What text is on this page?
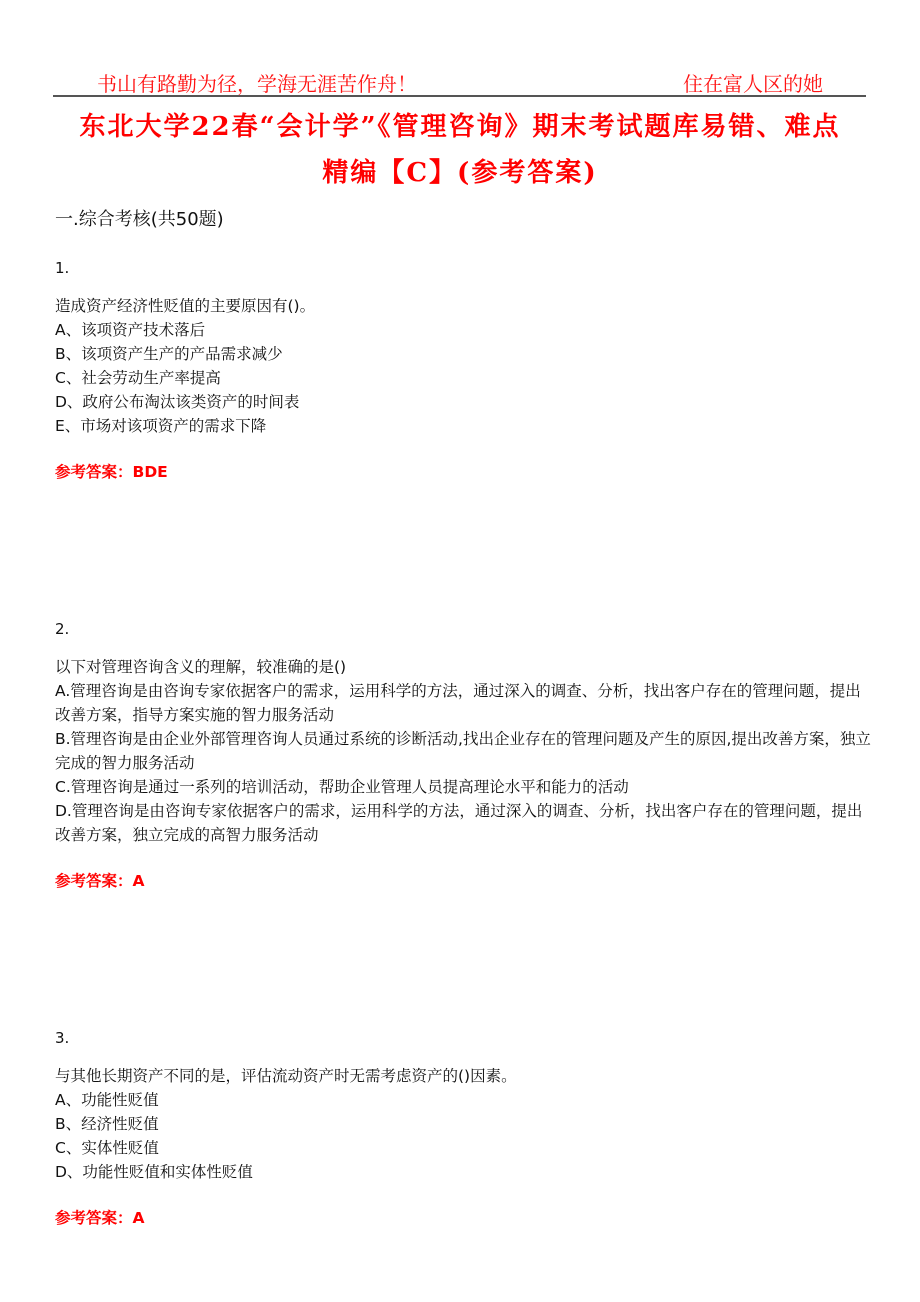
书山有路勤为径，学海无涯苦作舟！	住在富人区的她
东北大学22春“会计学”《管理咨询》期末考试题库易错、难点
精编【C】(参考答案)
一.综合考核(共50题)
1.
造成资产经济性贬值的主要原因有()。
A、该项资产技术落后
B、该项资产生产的产品需求减少
C、社会劳动生产率提高
D、政府公布淘汰该类资产的时间表
E、市场对该项资产的需求下降
参考答案：BDE
2.
以下对管理咨询含义的理解，较准确的是()
A.管理咨询是由咨询专家依据客户的需求，运用科学的方法，通过深入的调查、分析，找出客户存在的管理问题，提出改善方案，指导方案实施的智力服务活动
B.管理咨询是由企业外部管理咨询人员通过系统的诊断活动,找出企业存在的管理问题及产生的原因,提出改善方案，独立完成的智力服务活动
C.管理咨询是通过一系列的培训活动，帮助企业管理人员提高理论水平和能力的活动
D.管理咨询是由咨询专家依据客户的需求，运用科学的方法，通过深入的调查、分析，找出客户存在的管理问题，提出改善方案，独立完成的高智力服务活动
参考答案：A
3.
与其他长期资产不同的是，评估流动资产时无需考虑资产的()因素。
A、功能性贬值
B、经济性贬值
C、实体性贬值
D、功能性贬值和实体性贬值
参考答案：A
